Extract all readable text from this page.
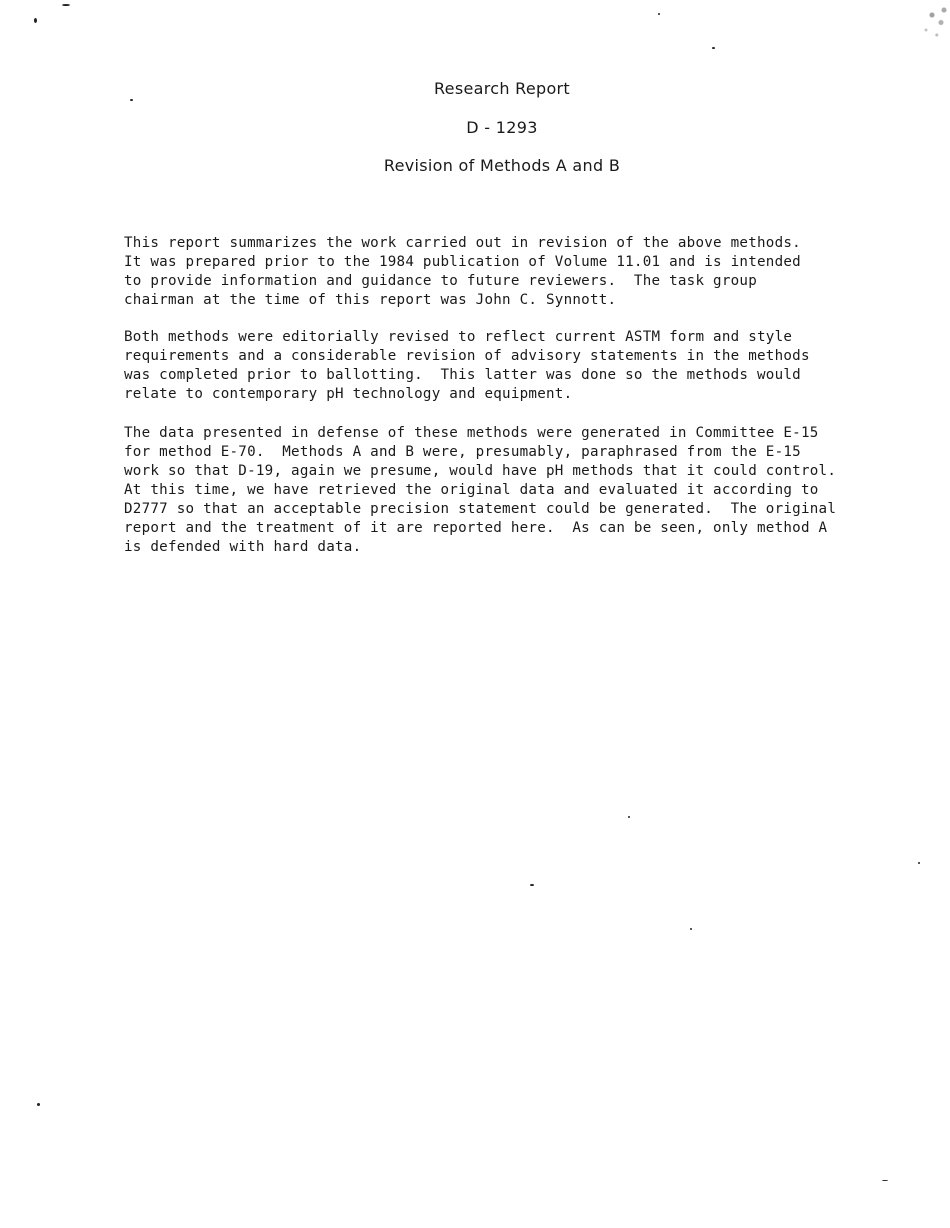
Research Report
D - 1293
Revision of Methods A and B
This report summarizes the work carried out in revision of the above methods.
It was prepared prior to the 1984 publication of Volume 11.01 and is intended
to provide information and guidance to future reviewers.  The task group
chairman at the time of this report was John C. Synnott.
Both methods were editorially revised to reflect current ASTM form and style
requirements and a considerable revision of advisory statements in the methods
was completed prior to ballotting.  This latter was done so the methods would
relate to contemporary pH technology and equipment.
The data presented in defense of these methods were generated in Committee E-15
for method E-70.  Methods A and B were, presumably, paraphrased from the E-15
work so that D-19, again we presume, would have pH methods that it could control.
At this time, we have retrieved the original data and evaluated it according to
D2777 so that an acceptable precision statement could be generated.  The original
report and the treatment of it are reported here.  As can be seen, only method A
is defended with hard data.
